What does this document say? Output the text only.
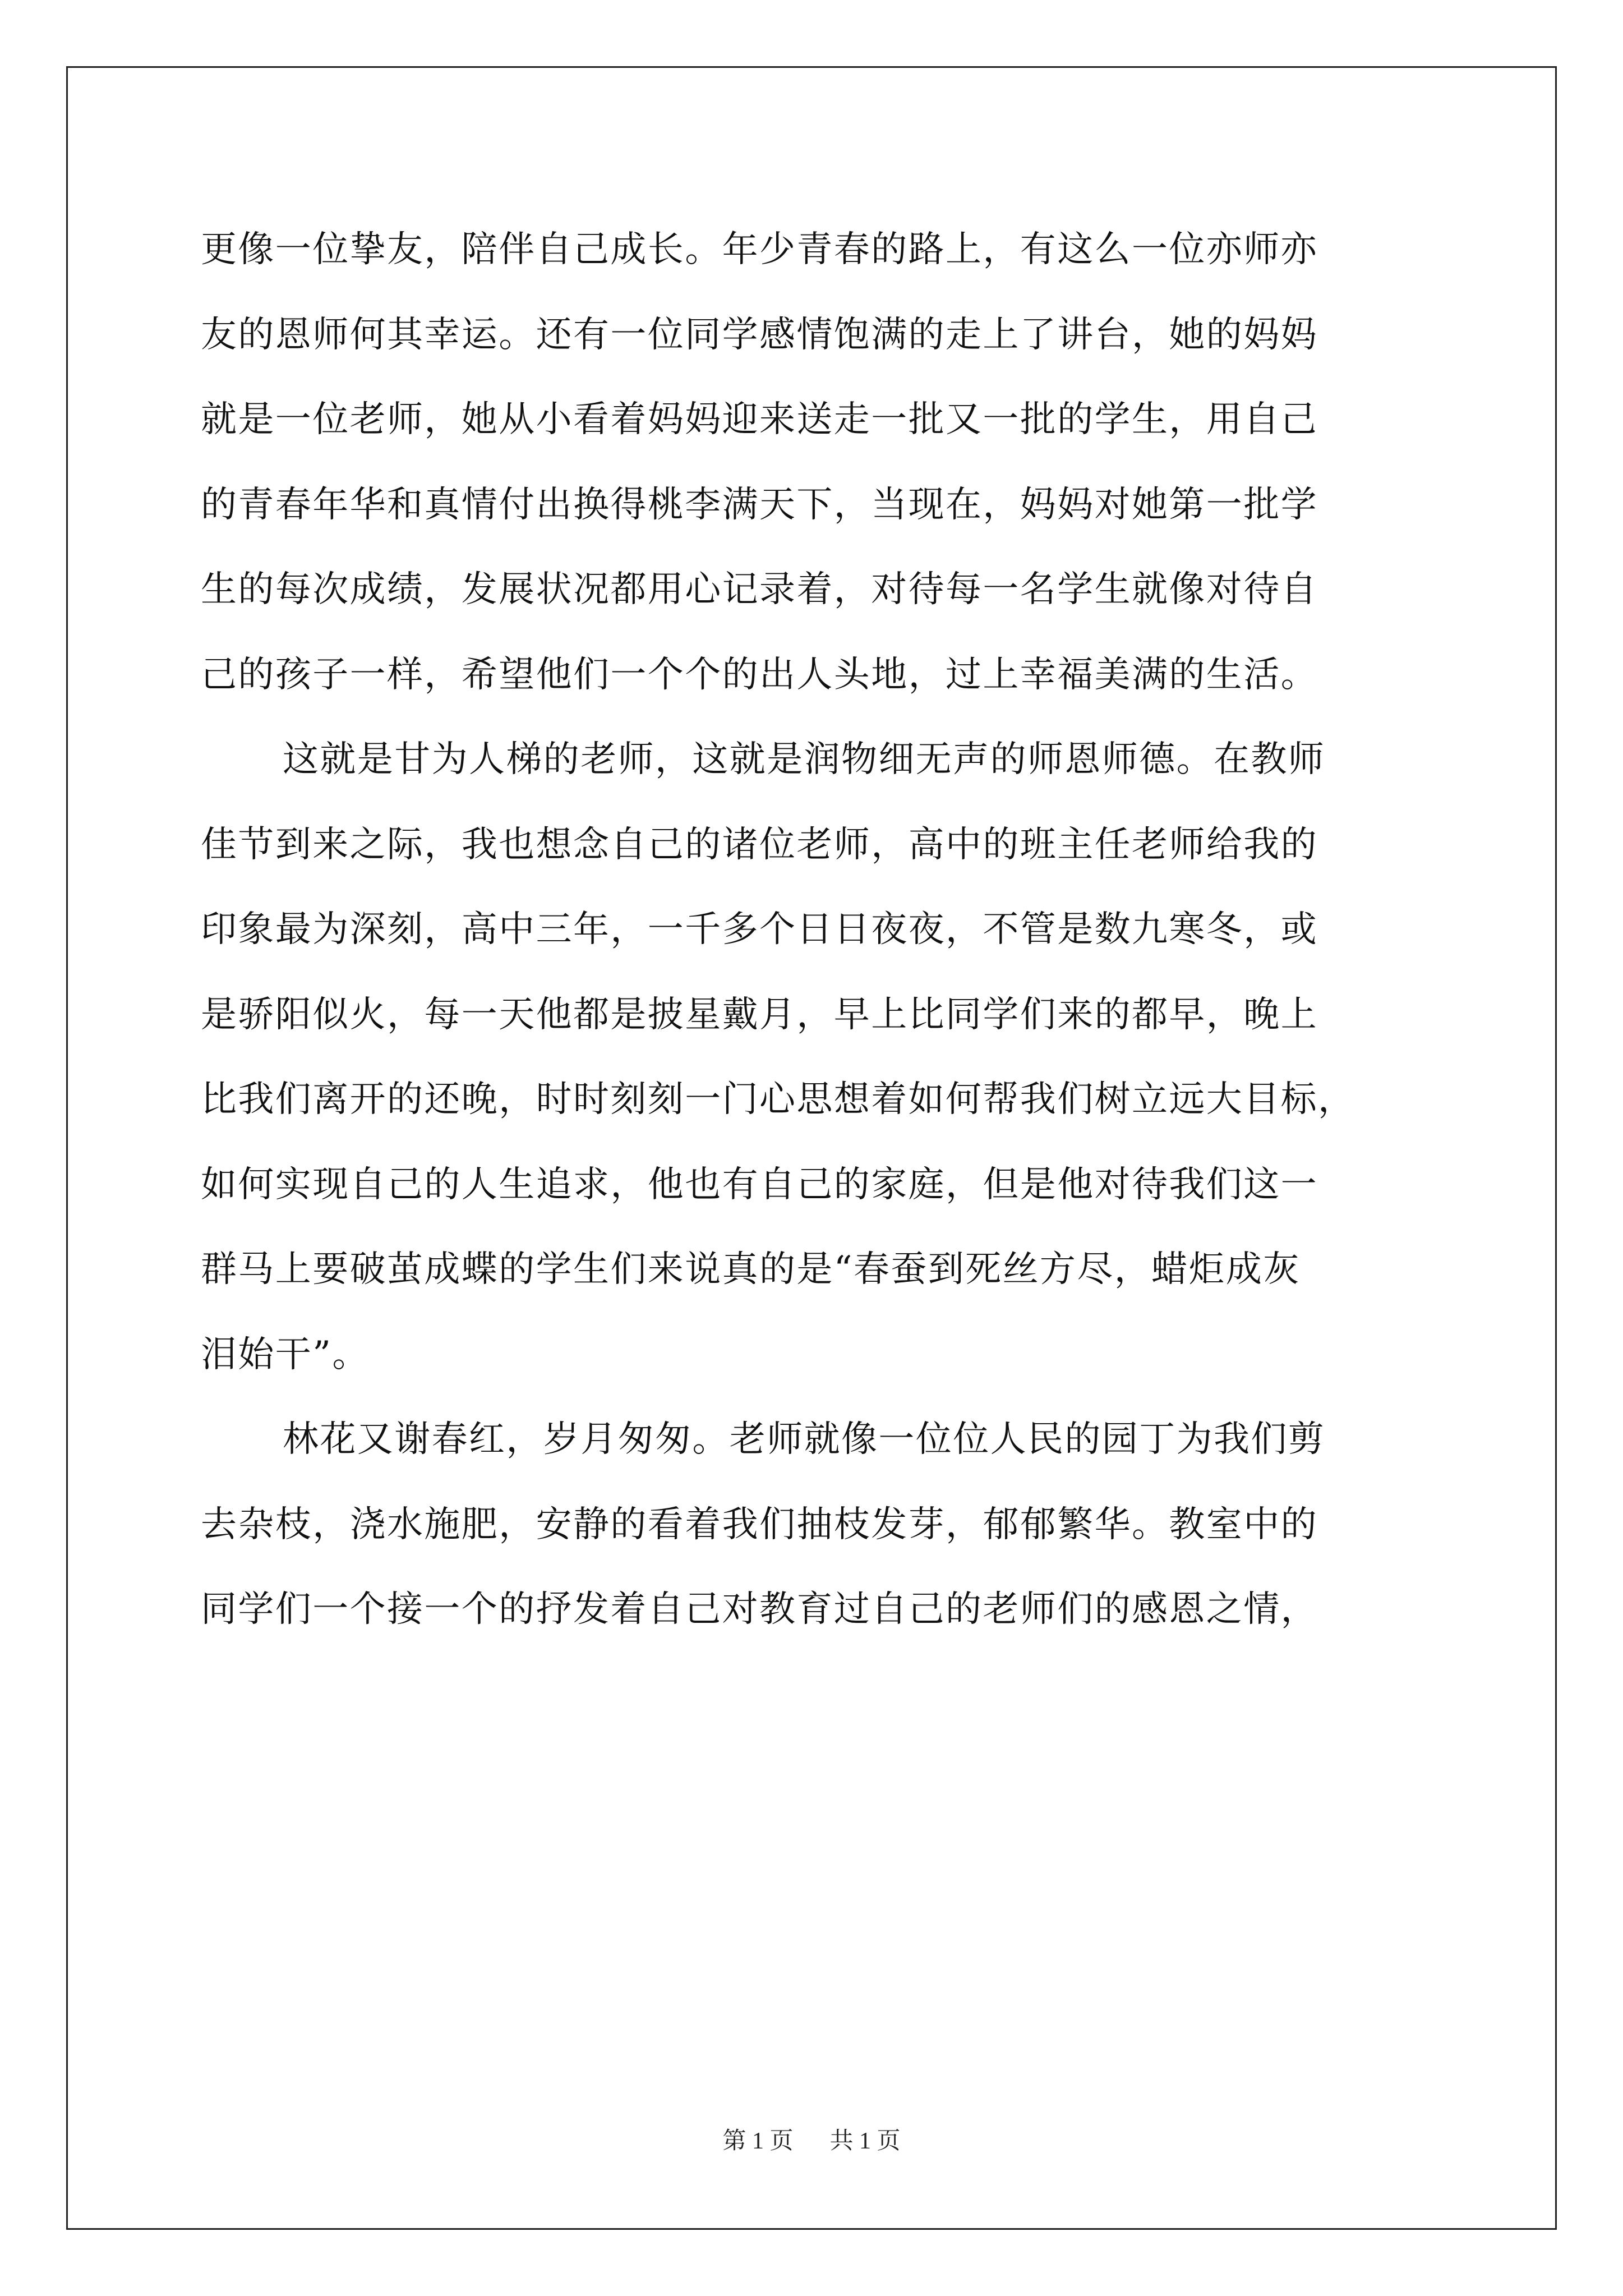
更像一位挚友，陪伴自己成长。年少青春的路上，有这么一位亦师亦
友的恩师何其幸运。还有一位同学感情饱满的走上了讲台，她的妈妈
就是一位老师，她从小看着妈妈迎来送走一批又一批的学生，用自己
的青春年华和真情付出换得桃李满天下，当现在，妈妈对她第一批学
生的每次成绩，发展状况都用心记录着，对待每一名学生就像对待自
己的孩子一样，希望他们一个个的出人头地，过上幸福美满的生活。
这就是甘为人梯的老师，这就是润物细无声的师恩师德。在教师
佳节到来之际，我也想念自己的诸位老师，高中的班主任老师给我的
印象最为深刻，高中三年，一千多个日日夜夜，不管是数九寒冬，或
是骄阳似火，每一天他都是披星戴月，早上比同学们来的都早，晚上
比我们离开的还晚，时时刻刻一门心思想着如何帮我们树立远大目标，
如何实现自己的人生追求，他也有自己的家庭，但是他对待我们这一
群马上要破茧成蝶的学生们来说真的是“春蚕到死丝方尽，蜡炬成灰
泪始干”。
林花又谢春红，岁月匆匆。老师就像一位位人民的园丁为我们剪
去杂枝，浇水施肥，安静的看着我们抽枝发芽，郁郁繁华。教室中的
同学们一个接一个的抒发着自己对教育过自己的老师们的感恩之情，
第 1 页 共 1 页
